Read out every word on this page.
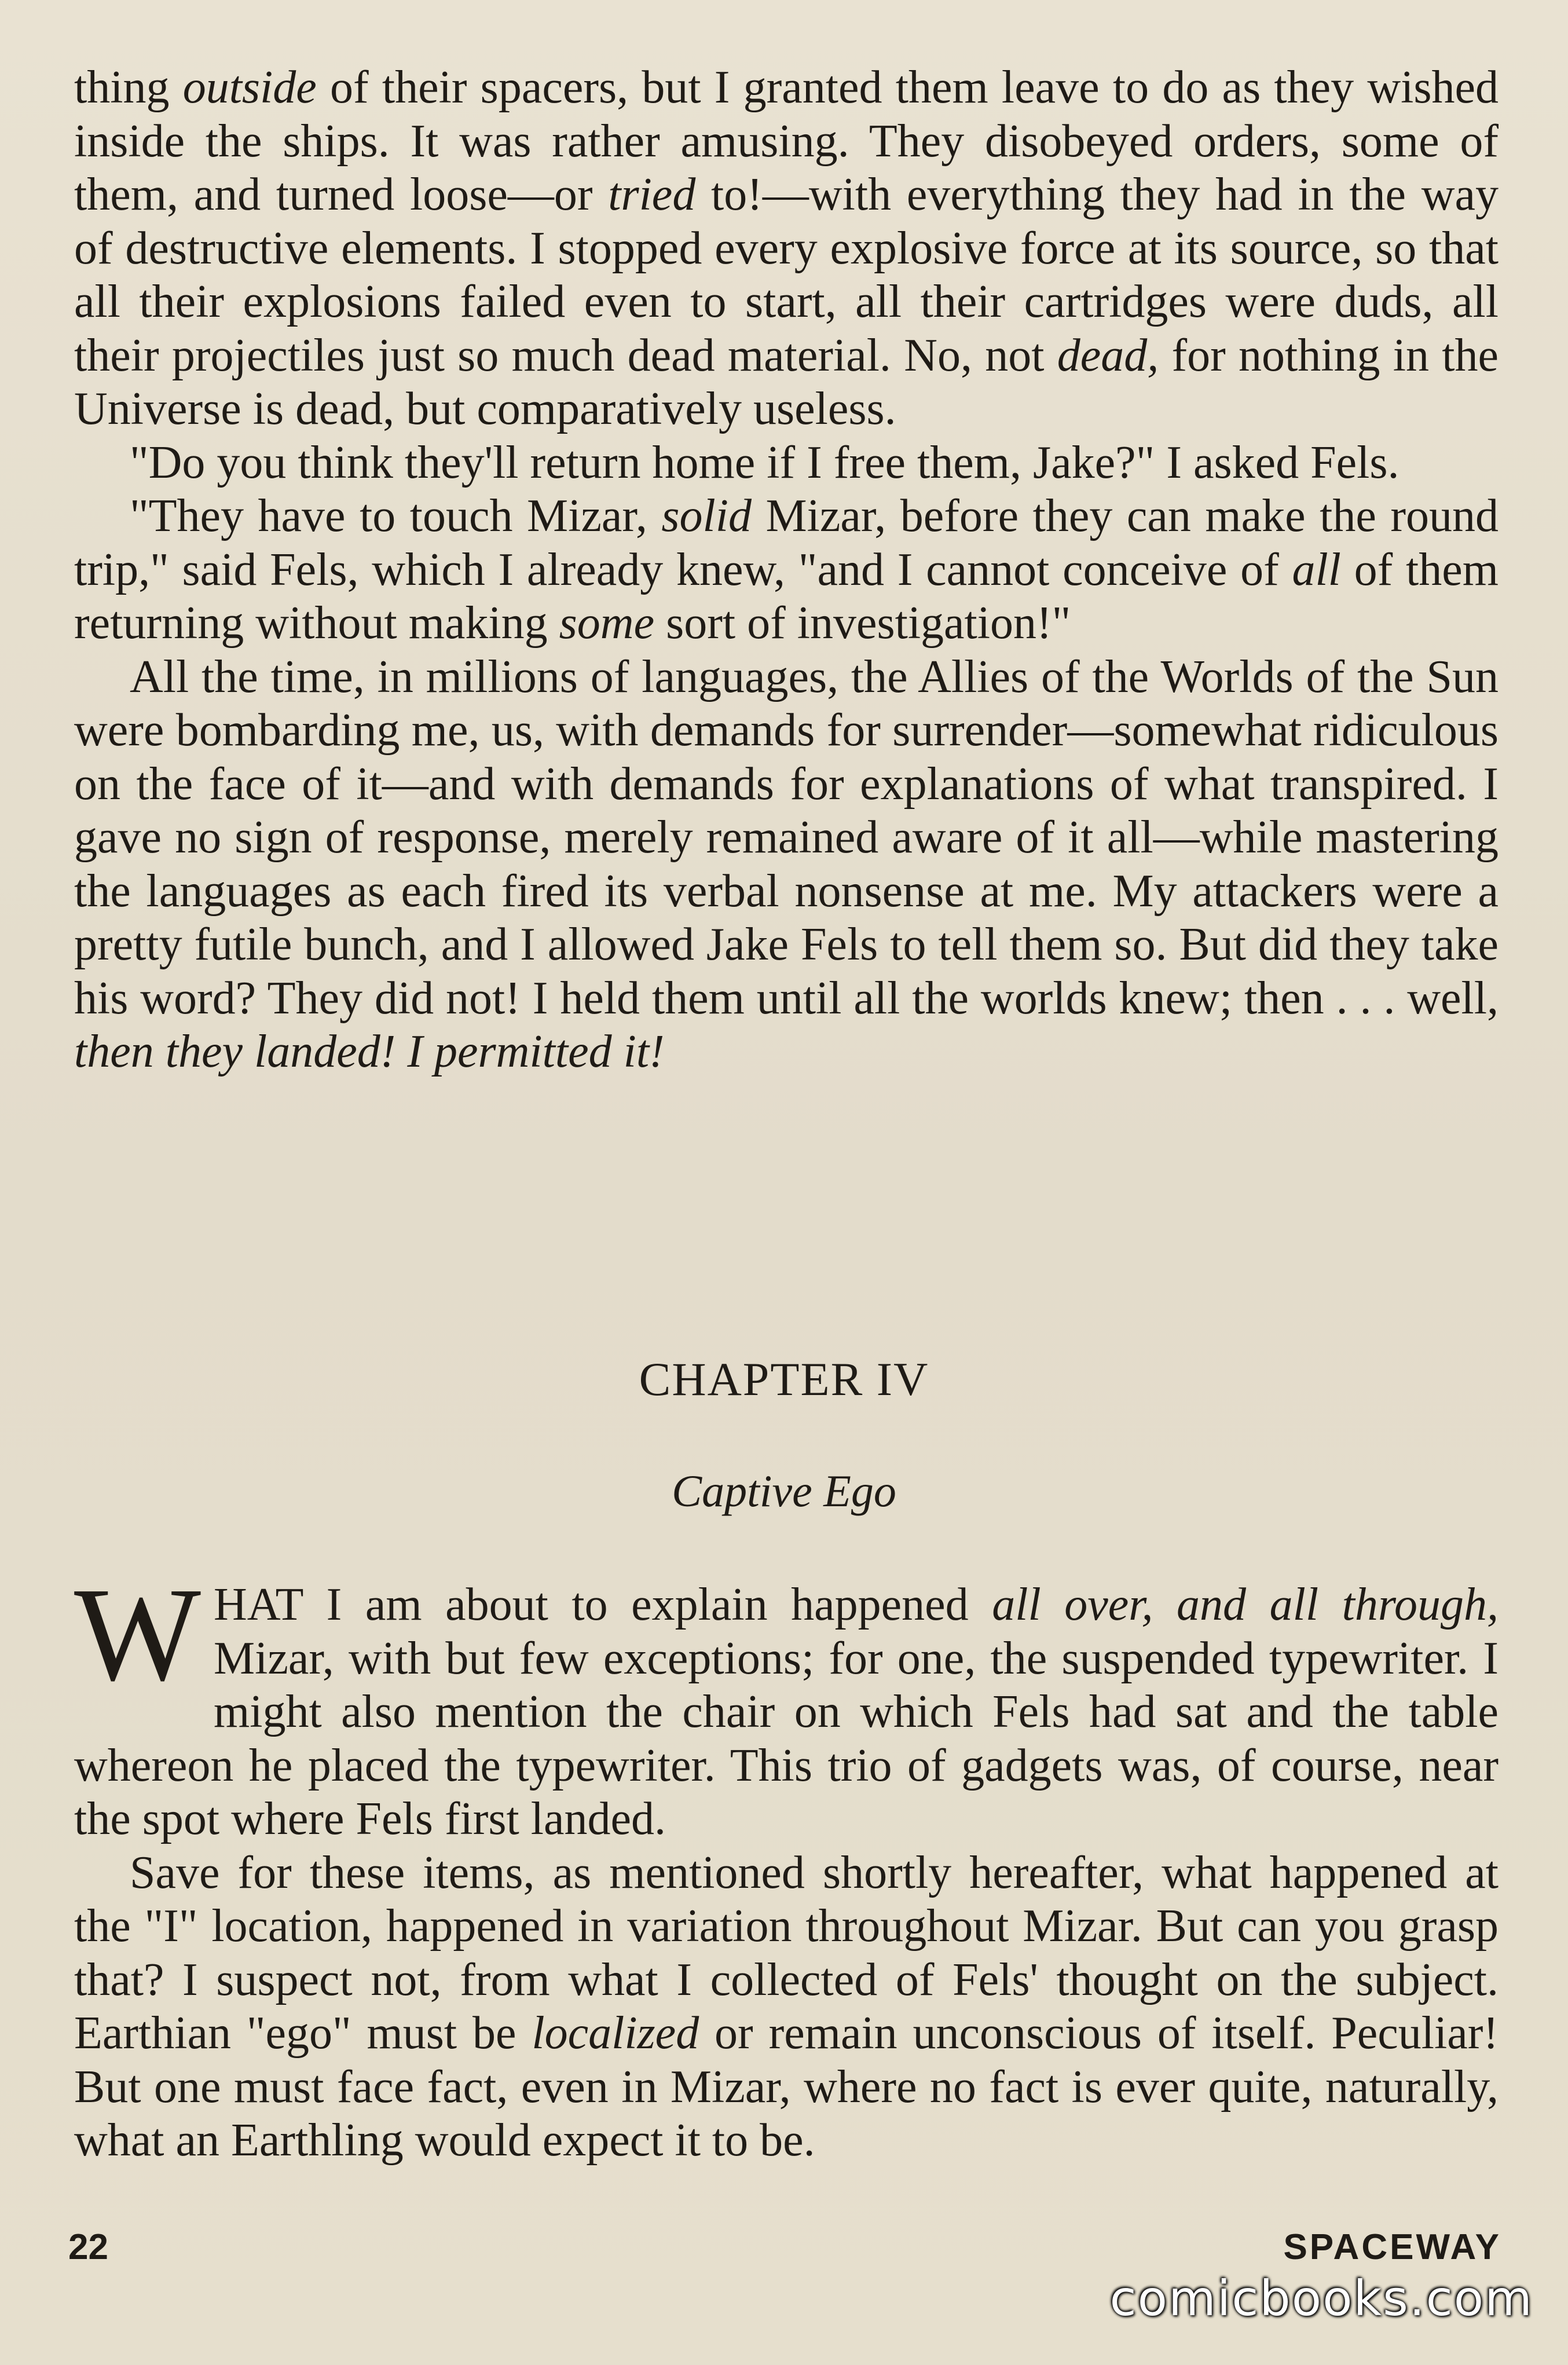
thing outside of their spacers, but I granted them leave to do as they wished inside the ships. It was rather amusing. They disobeyed orders, some of them, and turned loose—or tried to!—with everything they had in the way of destructive elements. I stopped every explosive force at its source, so that all their explosions failed even to start, all their cartridges were duds, all their projectiles just so much dead material. No, not dead, for nothing in the Universe is dead, but comparatively useless.

"Do you think they'll return home if I free them, Jake?" I asked Fels.

"They have to touch Mizar, solid Mizar, before they can make the round trip," said Fels, which I already knew, "and I cannot conceive of all of them returning without making some sort of investigation!"

All the time, in millions of languages, the Allies of the Worlds of the Sun were bombarding me, us, with demands for surrender—somewhat ridiculous on the face of it—and with demands for explanations of what transpired. I gave no sign of response, merely remained aware of it all—while mastering the languages as each fired its verbal nonsense at me. My attackers were a pretty futile bunch, and I allowed Jake Fels to tell them so. But did they take his word? They did not! I held them until all the worlds knew; then . . . well, then they landed! I permitted it!

CHAPTER IV
Captive Ego

WHAT I am about to explain happened all over, and all through, Mizar, with but few exceptions; for one, the suspended typewriter. I might also mention the chair on which Fels had sat and the table whereon he placed the typewriter. This trio of gadgets was, of course, near the spot where Fels first landed.

Save for these items, as mentioned shortly hereafter, what happened at the "I" location, happened in variation throughout Mizar. But can you grasp that? I suspect not, from what I collected of Fels' thought on the subject. Earthian "ego" must be localized or remain unconscious of itself. Peculiar! But one must face fact, even in Mizar, where no fact is ever quite, naturally, what an Earthling would expect it to be.

22	SPACEWAY
comicbooks.com
